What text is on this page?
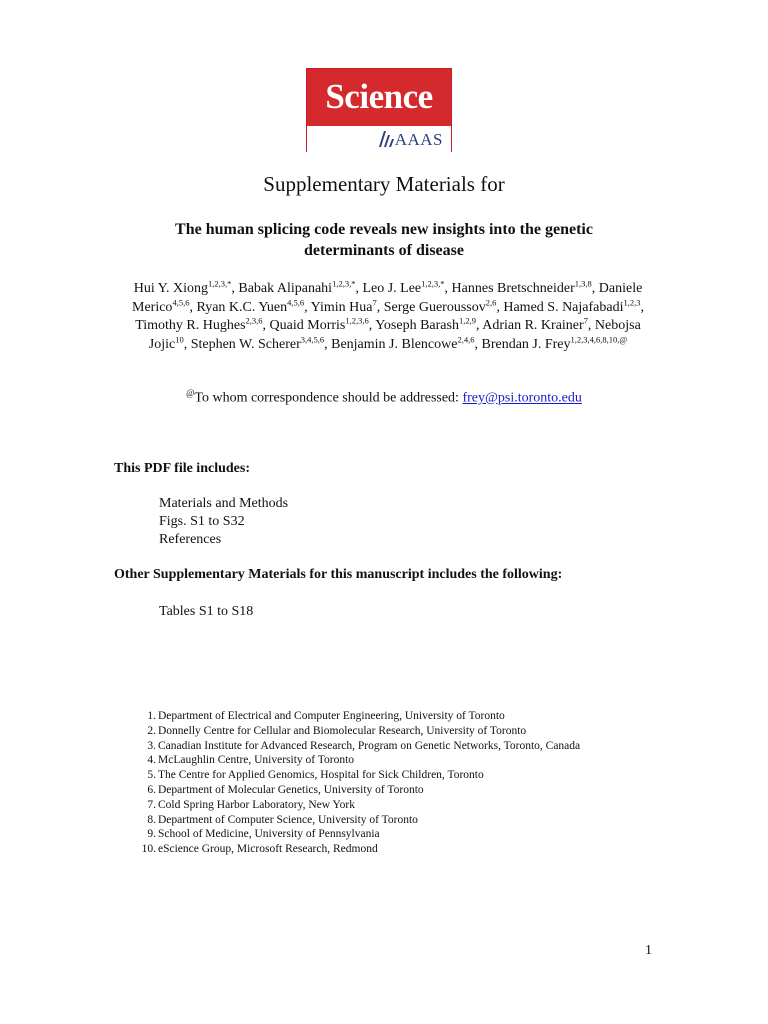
Science
AAAS
Supplementary Materials for
The human splicing code reveals new insights into the genetic
determinants of disease
Hui Y. Xiong$^{1,2,3,*}$, Babak Alipanahi$^{1,2,3,*}$, Leo J. Lee$^{1,2,3,*}$, Hannes Bretschneider$^{1,3,8}$, Daniele Merico$^{4,5,6}$, Ryan K.C. Yuen$^{4,5,6}$, Yimin Hua$^7$, Serge Gueroussov$^{2,6}$, Hamed S. Najafabadi$^{1,2,3}$, Timothy R. Hughes$^{2,3,6}$, Quaid Morris$^{1,2,3,6}$, Yoseph Barash$^{1,2,9}$, Adrian R. Krainer$^7$, Nebojsa Jojic$^{10}$, Stephen W. Scherer$^{3,4,5,6}$, Benjamin J. Blencowe$^{2,4,6}$, Brendan J. Frey$^{1,2,3,4,6,8,10,@}$
@To whom correspondence should be addressed: frey@psi.toronto.edu
This PDF file includes:
Materials and Methods
Figs. S1 to S32
References
Other Supplementary Materials for this manuscript includes the following:
Tables S1 to S18
1. Department of Electrical and Computer Engineering, University of Toronto
2. Donnelly Centre for Cellular and Biomolecular Research, University of Toronto
3. Canadian Institute for Advanced Research, Program on Genetic Networks, Toronto, Canada
4. McLaughlin Centre, University of Toronto
5. The Centre for Applied Genomics, Hospital for Sick Children, Toronto
6. Department of Molecular Genetics, University of Toronto
7. Cold Spring Harbor Laboratory, New York
8. Department of Computer Science, University of Toronto
9. School of Medicine, University of Pennsylvania
10. eScience Group, Microsoft Research, Redmond
1
